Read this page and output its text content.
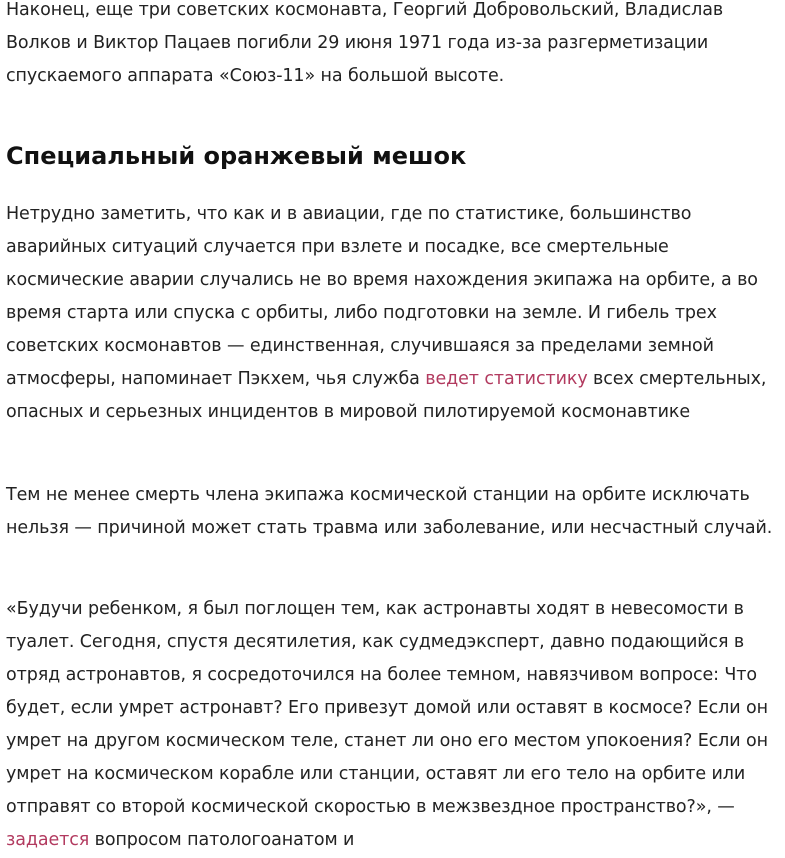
Наконец, еще три советских космонавта, Георгий Добровольский, Владислав Волков и Виктор Пацаев погибли 29 июня 1971 года из-за разгерметизации спускаемого аппарата «Союз-11» на большой высоте.

Специальный оранжевый мешок

Нетрудно заметить, что как и в авиации, где по статистике, большинство аварийных ситуаций случается при взлете и посадке, все смертельные космические аварии случались не во время нахождения экипажа на орбите, а во время старта или спуска с орбиты, либо подготовки на земле. И гибель трех советских космонавтов — единственная, случившаяся за пределами земной атмосферы, напоминает Пэкхем, чья служба ведет статистику всех смертельных, опасных и серьезных инцидентов в мировой пилотируемой космонавтике

Тем не менее смерть члена экипажа космической станции на орбите исключать нельзя — причиной может стать травма или заболевание, или несчастный случай.

«Будучи ребенком, я был поглощен тем, как астронавты ходят в невесомости в туалет. Сегодня, спустя десятилетия, как судмедэксперт, давно подающийся в отряд астронавтов, я сосредоточился на более темном, навязчивом вопросе: Что будет, если умрет астронавт? Его привезут домой или оставят в космосе? Если он умрет на другом космическом теле, станет ли оно его местом упокоения? Если он умрет на космическом корабле или станции, оставят ли его тело на орбите или отправят со второй космической скоростью в межзвездное пространство?», — задается вопросом патологоанатом и
